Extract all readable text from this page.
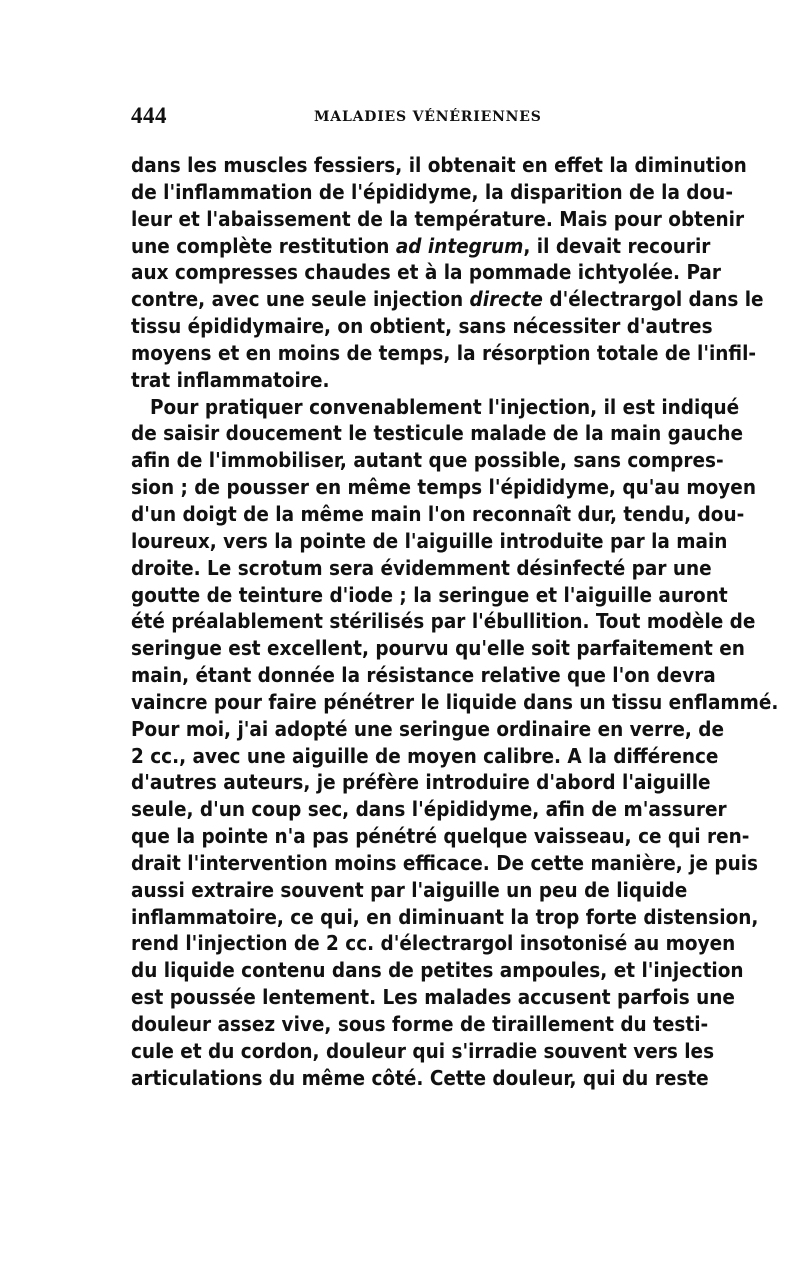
444	MALADIES VÉNÉRIENNES
dans les muscles fessiers, il obtenait en effet la diminution
de l'inflammation de l'épididyme, la disparition de la dou-
leur et l'abaissement de la température. Mais pour obtenir
une complète restitution ad integrum, il devait recourir
aux compresses chaudes et à la pommade ichtyolée. Par
contre, avec une seule injection directe d'électrargol dans le
tissu épididymaire, on obtient, sans nécessiter d'autres
moyens et en moins de temps, la résorption totale de l'infil-
trat inflammatoire.
Pour pratiquer convenablement l'injection, il est indiqué
de saisir doucement le testicule malade de la main gauche
afin de l'immobiliser, autant que possible, sans compres-
sion ; de pousser en même temps l'épididyme, qu'au moyen
d'un doigt de la même main l'on reconnaît dur, tendu, dou-
loureux, vers la pointe de l'aiguille introduite par la main
droite. Le scrotum sera évidemment désinfecté par une
goutte de teinture d'iode ; la seringue et l'aiguille auront
été préalablement stérilisés par l'ébullition. Tout modèle de
seringue est excellent, pourvu qu'elle soit parfaitement en
main, étant donnée la résistance relative que l'on devra
vaincre pour faire pénétrer le liquide dans un tissu enflammé.
Pour moi, j'ai adopté une seringue ordinaire en verre, de
2 cc., avec une aiguille de moyen calibre. A la différence
d'autres auteurs, je préfère introduire d'abord l'aiguille
seule, d'un coup sec, dans l'épididyme, afin de m'assurer
que la pointe n'a pas pénétré quelque vaisseau, ce qui ren-
drait l'intervention moins efficace. De cette manière, je puis
aussi extraire souvent par l'aiguille un peu de liquide
inflammatoire, ce qui, en diminuant la trop forte distension,
rend l'injection de 2 cc. d'électrargol insotonisé au moyen
du liquide contenu dans de petites ampoules, et l'injection
est poussée lentement. Les malades accusent parfois une
douleur assez vive, sous forme de tiraillement du testi-
cule et du cordon, douleur qui s'irradie souvent vers les
articulations du même côté. Cette douleur, qui du reste
